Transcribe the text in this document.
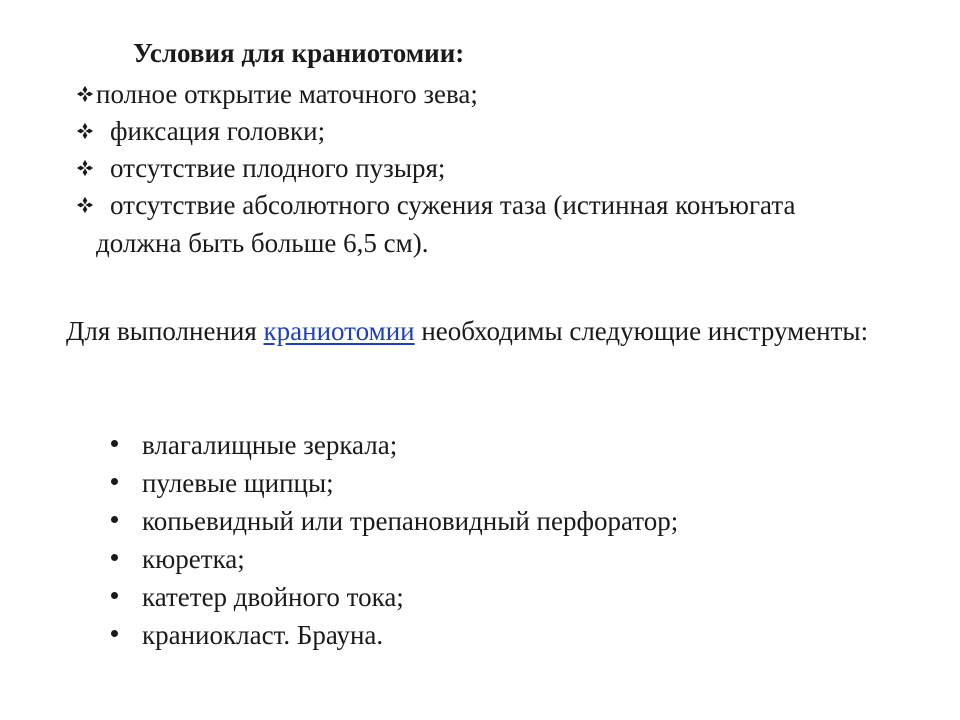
Условия для краниотомии:
полное открытие маточного зева;
фиксация головки;
отсутствие плодного пузыря;
отсутствие абсолютного сужения таза (истинная конъюгата
должна быть больше 6,5 см).
Для выполнения краниотомии необходимы следующие инструменты:
влагалищные зеркала;
пулевые щипцы;
копьевидный или трепановидный перфоратор;
кюретка;
катетер двойного тока;
краниокласт. Брауна.
